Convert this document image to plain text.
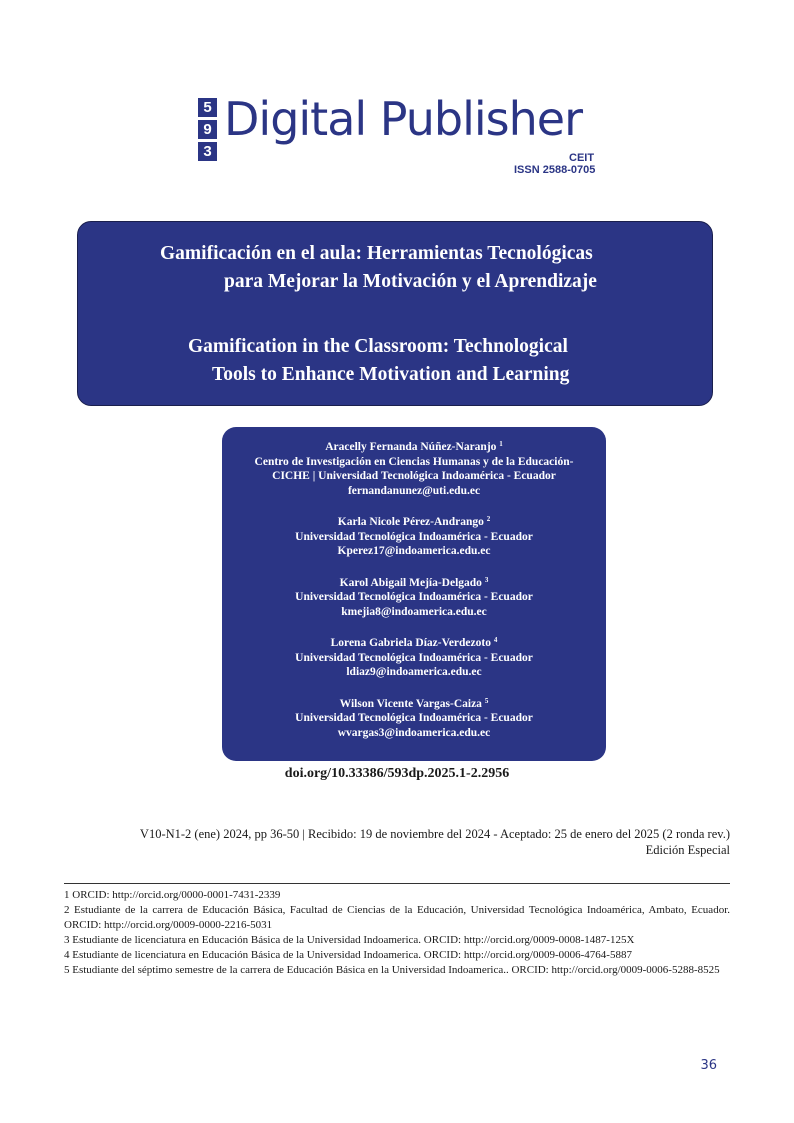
5
9
3
Digital Publisher
CEIT
ISSN 2588-0705
Gamificación en el aula: Herramientas Tecnológicas
para Mejorar la Motivación y el Aprendizaje
Gamification in the Classroom: Technological
Tools to Enhance Motivation and Learning

Aracelly Fernanda Núñez-Naranjo $^1$

Centro de Investigación en Ciencias Humanas y de la Educación-

CICHE | Universidad Tecnológica Indoamérica - Ecuador

fernandanunez@uti.edu.ec

Karla Nicole Pérez-Andrango $^2$

Universidad Tecnológica Indoamérica - Ecuador

Kperez17@indoamerica.edu.ec

Karol Abigail Mejía-Delgado $^3$

Universidad Tecnológica Indoamérica - Ecuador

kmejia8@indoamerica.edu.ec

Lorena Gabriela Díaz-Verdezoto $^4$

Universidad Tecnológica Indoamérica - Ecuador

ldiaz9@indoamerica.edu.ec

Wilson Vicente Vargas-Caiza $^5$

Universidad Tecnológica Indoamérica - Ecuador

wvargas3@indoamerica.edu.ec

doi.org/10.33386/593dp.2025.1-2.2956
V10-N1-2 (ene) 2024, pp 36-50 | Recibido: 19 de noviembre del 2024 - Aceptado: 25 de enero del 2025 (2 ronda rev.)
Edición Especial

1 ORCID: http://orcid.org/0000-0001-7431-2339

2 Estudiante de la carrera de Educación Básica, Facultad de Ciencias de la Educación, Universidad Tecnológica Indoamérica, Ambato, Ecuador. ORCID: http://orcid.org/0009-0000-2216-5031

3 Estudiante de licenciatura en Educación Básica de la Universidad Indoamerica. ORCID: http://orcid.org/0009-0008-1487-125X

4 Estudiante de licenciatura en Educación Básica de la Universidad Indoamerica. ORCID: http://orcid.org/0009-0006-4764-5887

5 Estudiante del séptimo semestre de la carrera de Educación Básica en la Universidad Indoamerica.. ORCID: http://orcid.org/0009-0006-5288-8525

36
